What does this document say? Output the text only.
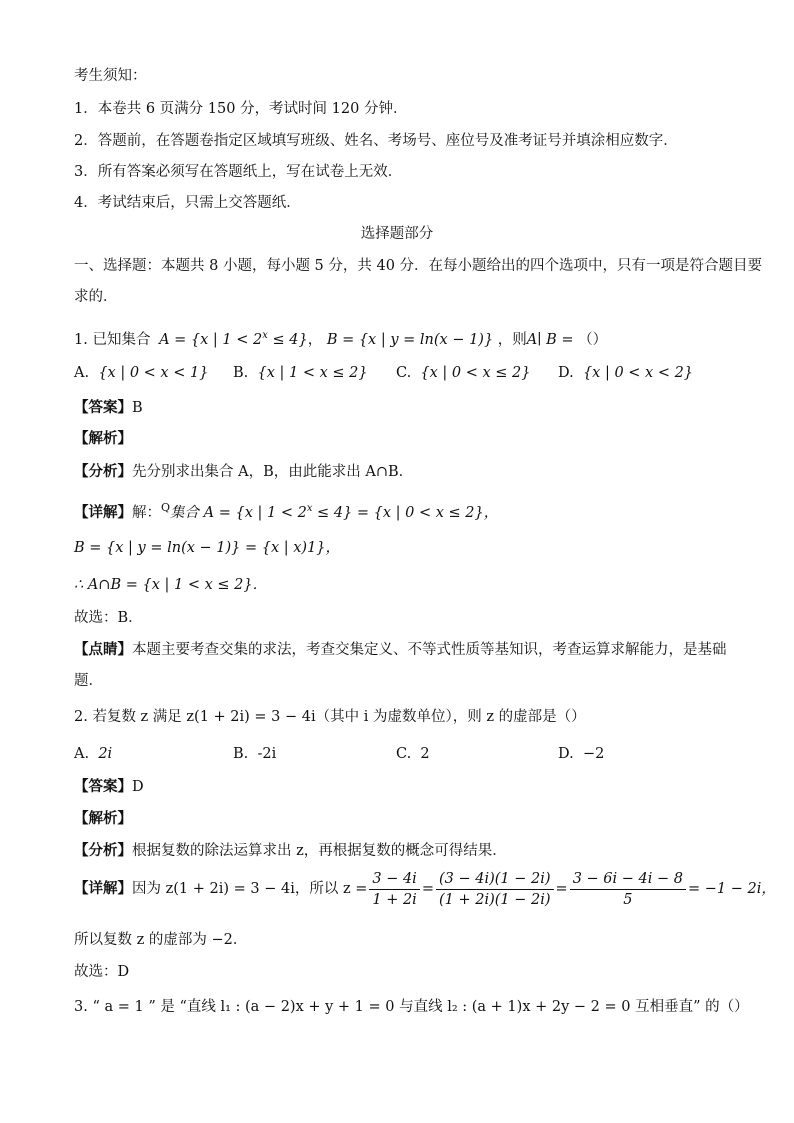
考生须知：
1．本卷共 6 页满分 150 分，考试时间 120 分钟．
2．答题前，在答题卷指定区域填写班级、姓名、考场号、座位号及准考证号并填涂相应数字．
3．所有答案必须写在答题纸上，写在试卷上无效．
4．考试结束后，只需上交答题纸．
选择题部分
一、选择题：本题共 8 小题，每小题 5 分，共 40 分．在每小题给出的四个选项中，只有一项是符合题目要
求的．
1. 已知集合 A = {x | $1 < 2^x \le 4$}， B = {x | y = ln(x − 1)} ，则A∣ B = （）
A. {x | 0 < x < 1} B. {x | 1 < x ≤ 2} C. {x | 0 < x ≤ 2} D. {x | 0 < x < 2}
【答案】B
【解析】
【分析】先分别求出集合 A，B，由此能求出 A∩B．
【详解】解：$^Q$集合 A = {x | $1 < 2^x \le 4\} = \{x$ | 0 < x ≤ 2}，
B = {x | y = ln(x − 1)} = {x | x)1}，
∴ A∩B = {x | 1 < x ≤ 2}．
故选：B．
【点睛】本题主要考查交集的求法，考查交集定义、不等式性质等基知识，考查运算求解能力，是基础
题．
2. 若复数 z 满足 z(1 + 2i) = 3 − 4i（其中 i 为虚数单位），则 z 的虚部是（）
A. 2i	B. -2i	C. 2	D. −2
【答案】D
【解析】
【分析】根据复数的除法运算求出 z，再根据复数的概念可得结果．
【详解】因为 z(1 + 2i) = 3 − 4i，所以 $z = \frac{3 - 4i}{1 + 2i} = \frac{(3 - 4i)(1 - 2i)}{(1 + 2i)(1 - 2i)} = \frac{3 - 6i - 4i - 8}{5} = -1 - 2i$，
所以复数 z 的虚部为 −2．
故选：D
3. “ a = 1 ” 是 “直线 l₁ : (a − 2)x + y + 1 = 0 与直线 l₂ : (a + 1)x + 2y − 2 = 0 互相垂直” 的（）
